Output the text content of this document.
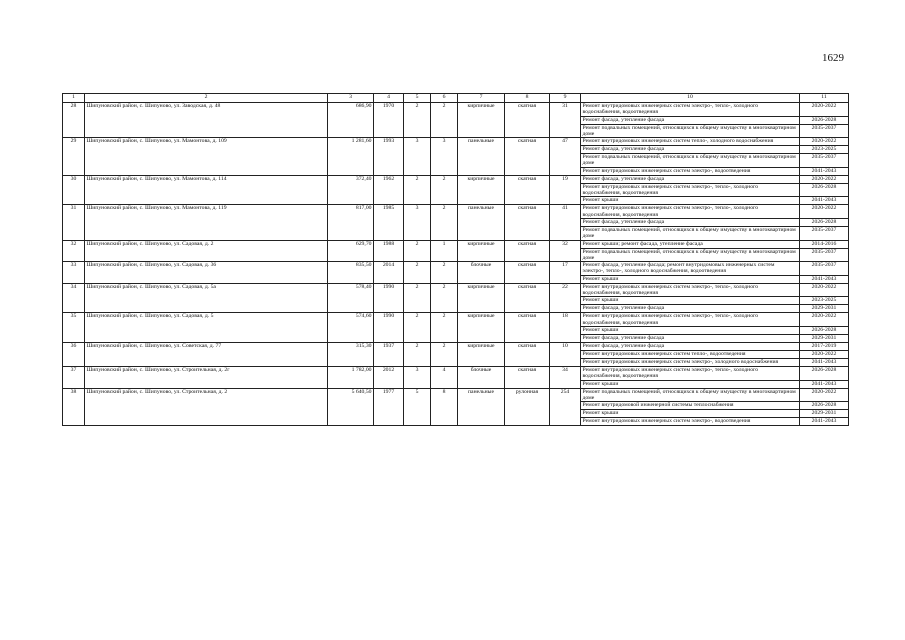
1629
1	2	3	4	5	6	7	8	9	10	11
28	Шипуновский район, с. Шипуново, ул. Заводская, д. 48	686,90	1970	2	2	кирпичные	скатная	31	Ремонт внутридомовых инженерных систем электро-, тепло-, холодного водоснабжения, водоотведения	2020-2022
									Ремонт фасада, утепление фасада	2026-2028
									Ремонт подвальных помещений, относящихся к общему имуществу в многоквартирном доме	2035-2037
29	Шипуновский район, с. Шипуново, ул. Мамонтова, д. 109	1 281,60	1993	3	3	панельные	скатная	47	Ремонт внутридомовых инженерных систем тепло-, холодного водоснабжения	2020-2022
									Ремонт фасада, утепление фасада	2023-2025
									Ремонт подвальных помещений, относящихся к общему имуществу в многоквартирном доме	2035-2037
									Ремонт внутридомовых инженерных систем электро-, водоотведения	2041-2043
30	Шипуновский район, с. Шипуново, ул. Мамонтова, д. 114	372,40	1962	2	2	кирпичные	скатная	19	Ремонт фасада, утепление фасада	2020-2022
									Ремонт внутридомовых инженерных систем электро-, тепло-, холодного водоснабжения, водоотведения	2026-2028
									Ремонт крыши	2041-2043
31	Шипуновский район, с. Шипуново, ул. Мамонтова, д. 119	817,00	1985	3	2	панельные	скатная	41	Ремонт внутридомовых инженерных систем электро-, тепло-, холодного водоснабжения, водоотведения	2020-2022
									Ремонт фасада, утепление фасада	2026-2028
									Ремонт подвальных помещений, относящихся к общему имуществу в многоквартирном доме	2035-2037
32	Шипуновский район, с. Шипуново, ул. Садовая, д. 2	629,70	1988	2	1	кирпичные	скатная	32	Ремонт крыши; ремонт фасада, утепление фасада	2014-2016
									Ремонт подвальных помещений, относящихся к общему имуществу в многоквартирном доме	2035-2037
33	Шипуновский район, с. Шипуново, ул. Садовая, д. 36	835,50	2014	2	2	блочные	скатная	17	Ремонт фасада, утепление фасада; ремонт внутридомовых инженерных систем электро-, тепло-, холодного водоснабжения, водоотведения	2035-2037
									Ремонт крыши	2041-2043
34	Шипуновский район, с. Шипуново, ул. Садовая, д. 5а	578,40	1990	2	2	кирпичные	скатная	22	Ремонт внутридомовых инженерных систем электро-, тепло-, холодного водоснабжения, водоотведения	2020-2022
									Ремонт крыши	2023-2025
									Ремонт фасада, утепление фасада	2029-2031
35	Шипуновский район, с. Шипуново, ул. Садовая, д. 5	574,60	1990	2	2	кирпичные	скатная	18	Ремонт внутридомовых инженерных систем электро-, тепло-, холодного водоснабжения, водоотведения	2020-2022
									Ремонт крыши	2026-2028
									Ремонт фасада, утепление фасада	2029-2031
36	Шипуновский район, с. Шипуново, ул. Советская, д. 77	315,30	1937	2	2	кирпичные	скатная	10	Ремонт фасада, утепление фасада	2017-2019
									Ремонт внутридомовых инженерных систем тепло-, водоотведения	2020-2022
									Ремонт внутридомовых инженерных систем электро-, холодного водоснабжения	2041-2043
37	Шипуновский район, с. Шипуново, ул. Строительная, д. 2г	1 782,00	2012	3	4	блочные	скатная	34	Ремонт внутридомовых инженерных систем электро-, тепло-, холодного водоснабжения, водоотведения	2026-2028
									Ремонт крыши	2041-2043
38	Шипуновский район, с. Шипуново, ул. Строительная, д. 2	5 640,50	1977	5	8	панельные	рулонная	254	Ремонт подвальных помещений, относящихся к общему имуществу в многоквартирном доме	2020-2022
									Ремонт внутридомовой инженерной системы теплоснабжения	2026-2028
									Ремонт крыши	2029-2031
									Ремонт внутридомовых инженерных систем электро-, водоотведения	2041-2043
